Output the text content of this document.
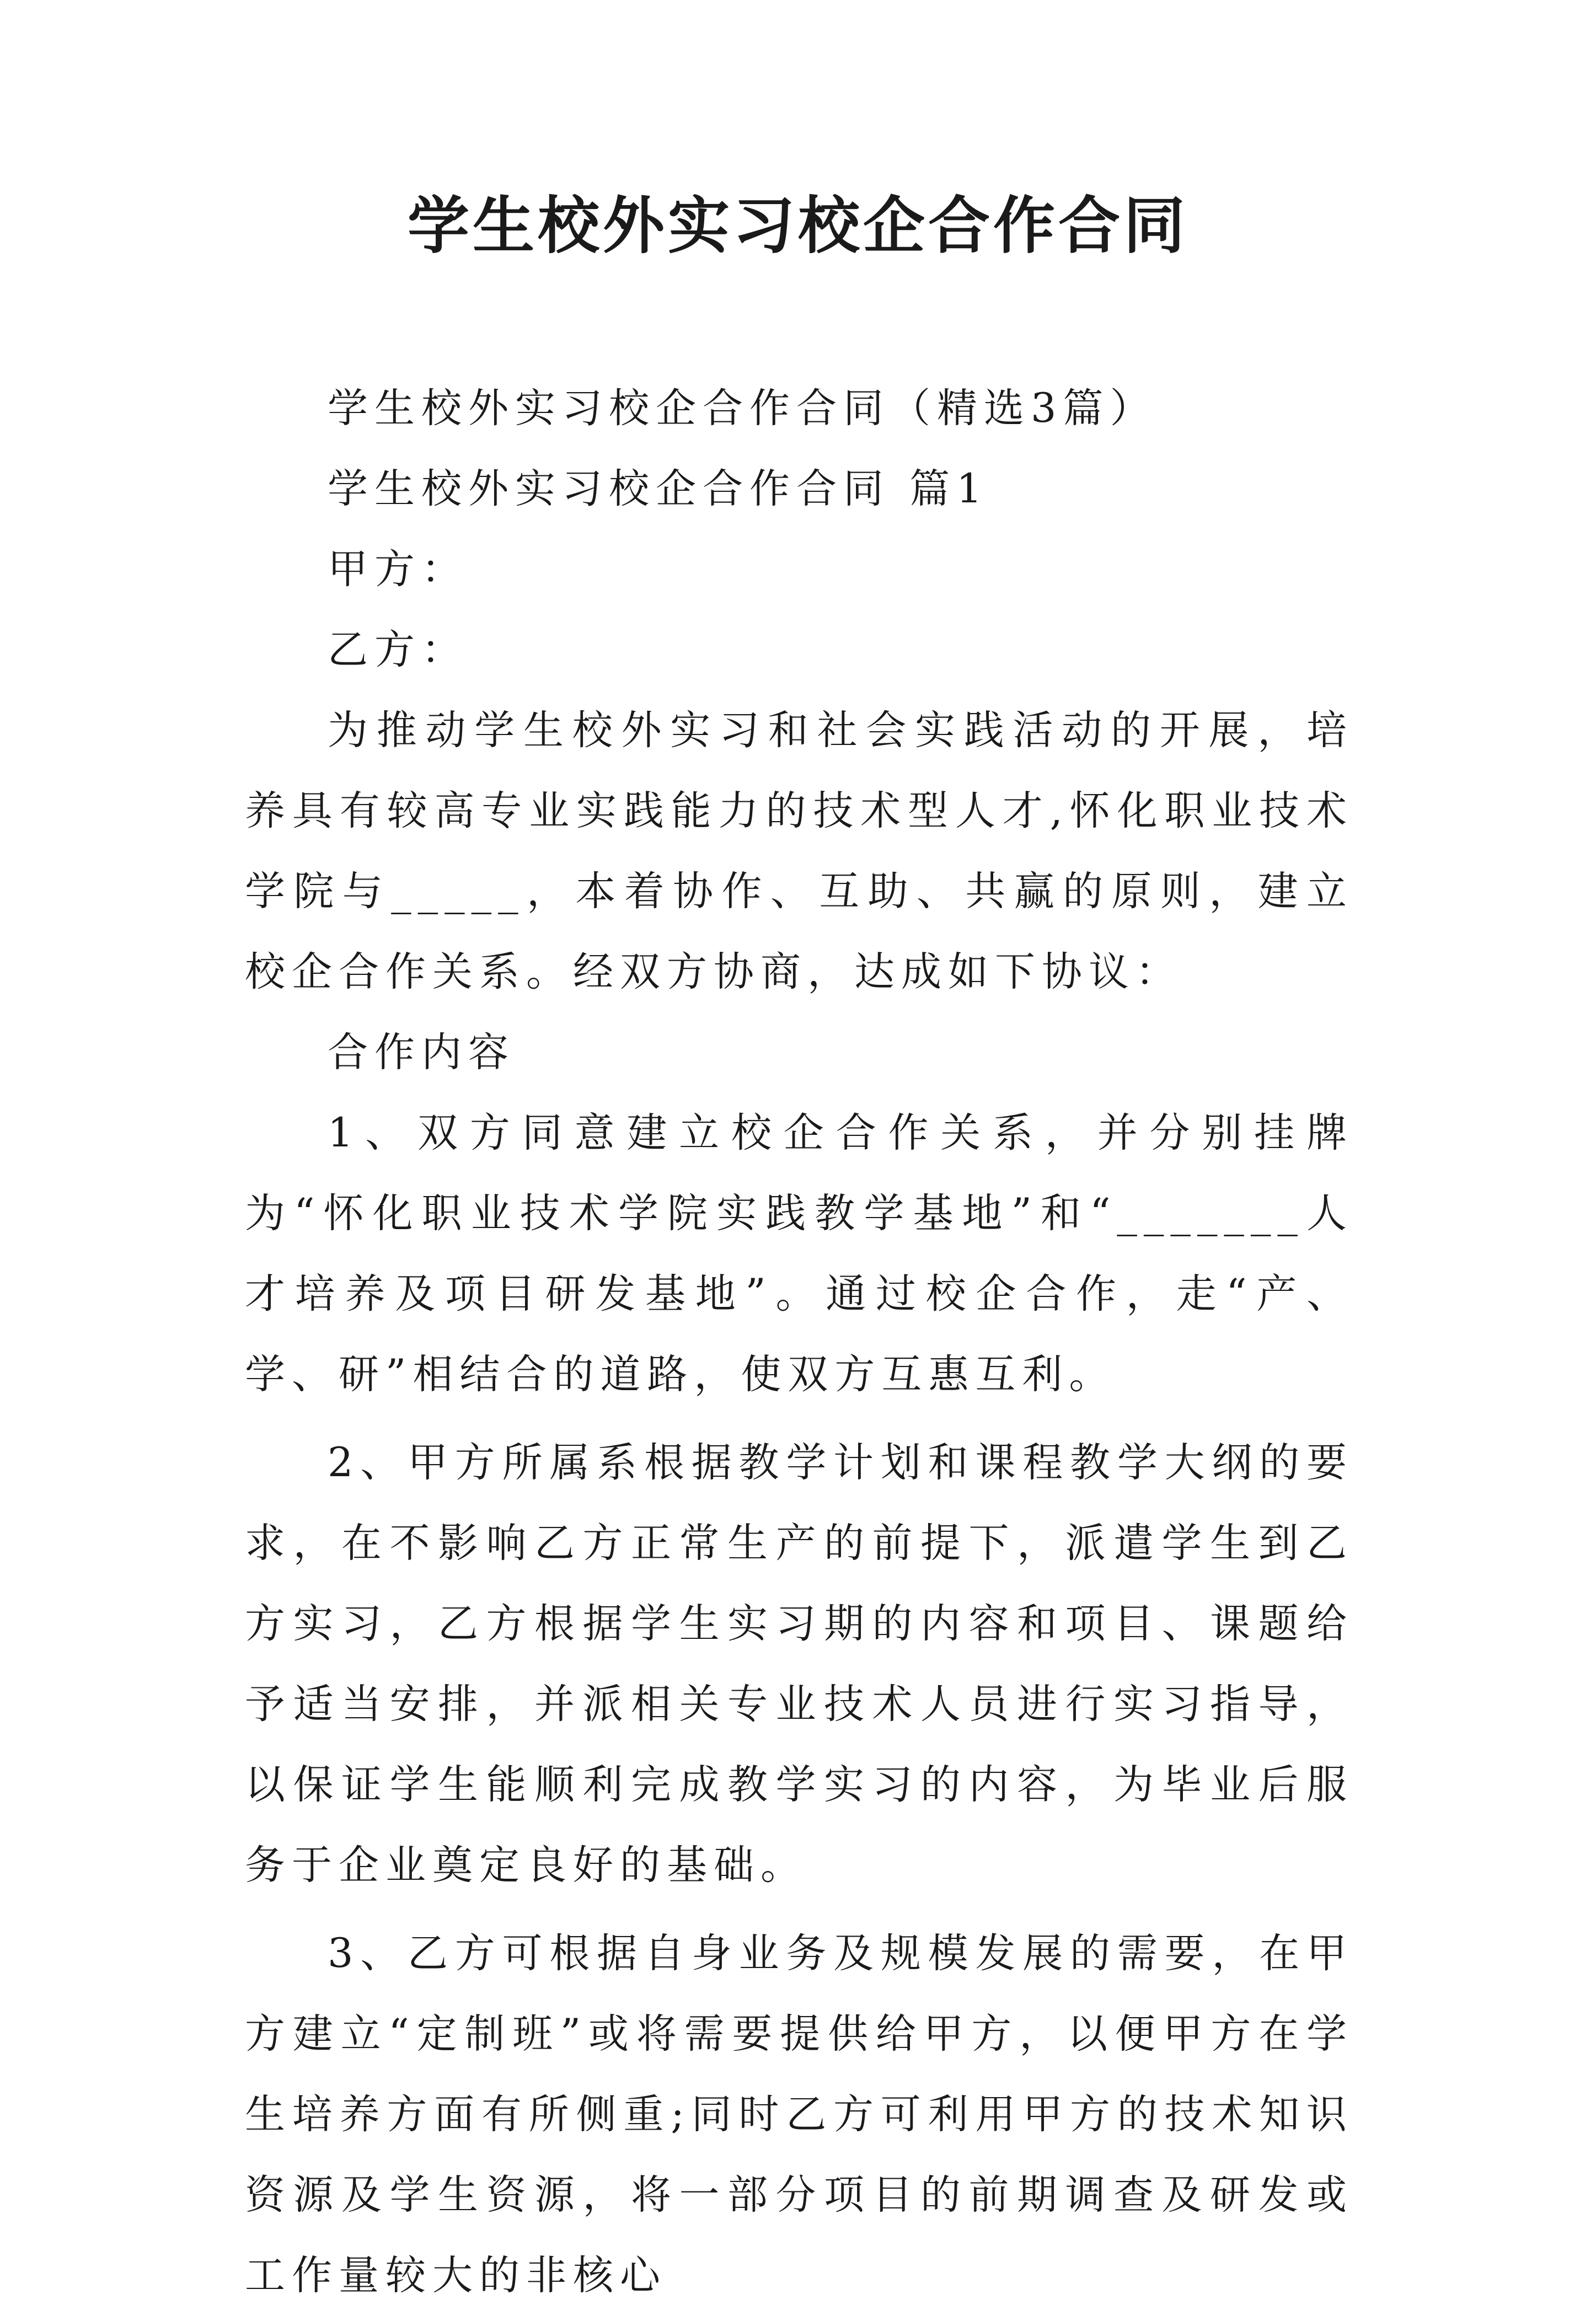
学生校外实习校企合作合同

学生校外实习校企合作合同（精选3篇）

学生校外实习校企合作合同 篇1

甲方：

乙方：

为推动学生校外实习和社会实践活动的开展，培养具有较高专业实践能力的技术型人才,怀化职业技术学院与_____，本着协作、互助、共赢的原则，建立校企合作关系。经双方协商，达成如下协议：

合作内容

1、双方同意建立校企合作关系，并分别挂牌为“怀化职业技术学院实践教学基地”和“_______人才培养及项目研发基地”。通过校企合作，走“产、学、研”相结合的道路，使双方互惠互利。

2、甲方所属系根据教学计划和课程教学大纲的要求，在不影响乙方正常生产的前提下，派遣学生到乙方实习，乙方根据学生实习期的内容和项目、课题给予适当安排，并派相关专业技术人员进行实习指导，以保证学生能顺利完成教学实习的内容，为毕业后服务于企业奠定良好的基础。

3、乙方可根据自身业务及规模发展的需要，在甲方建立“定制班”或将需要提供给甲方，以便甲方在学生培养方面有所侧重;同时乙方可利用甲方的技术知识资源及学生资源，将一部分项目的前期调查及研发或工作量较大的非核心
